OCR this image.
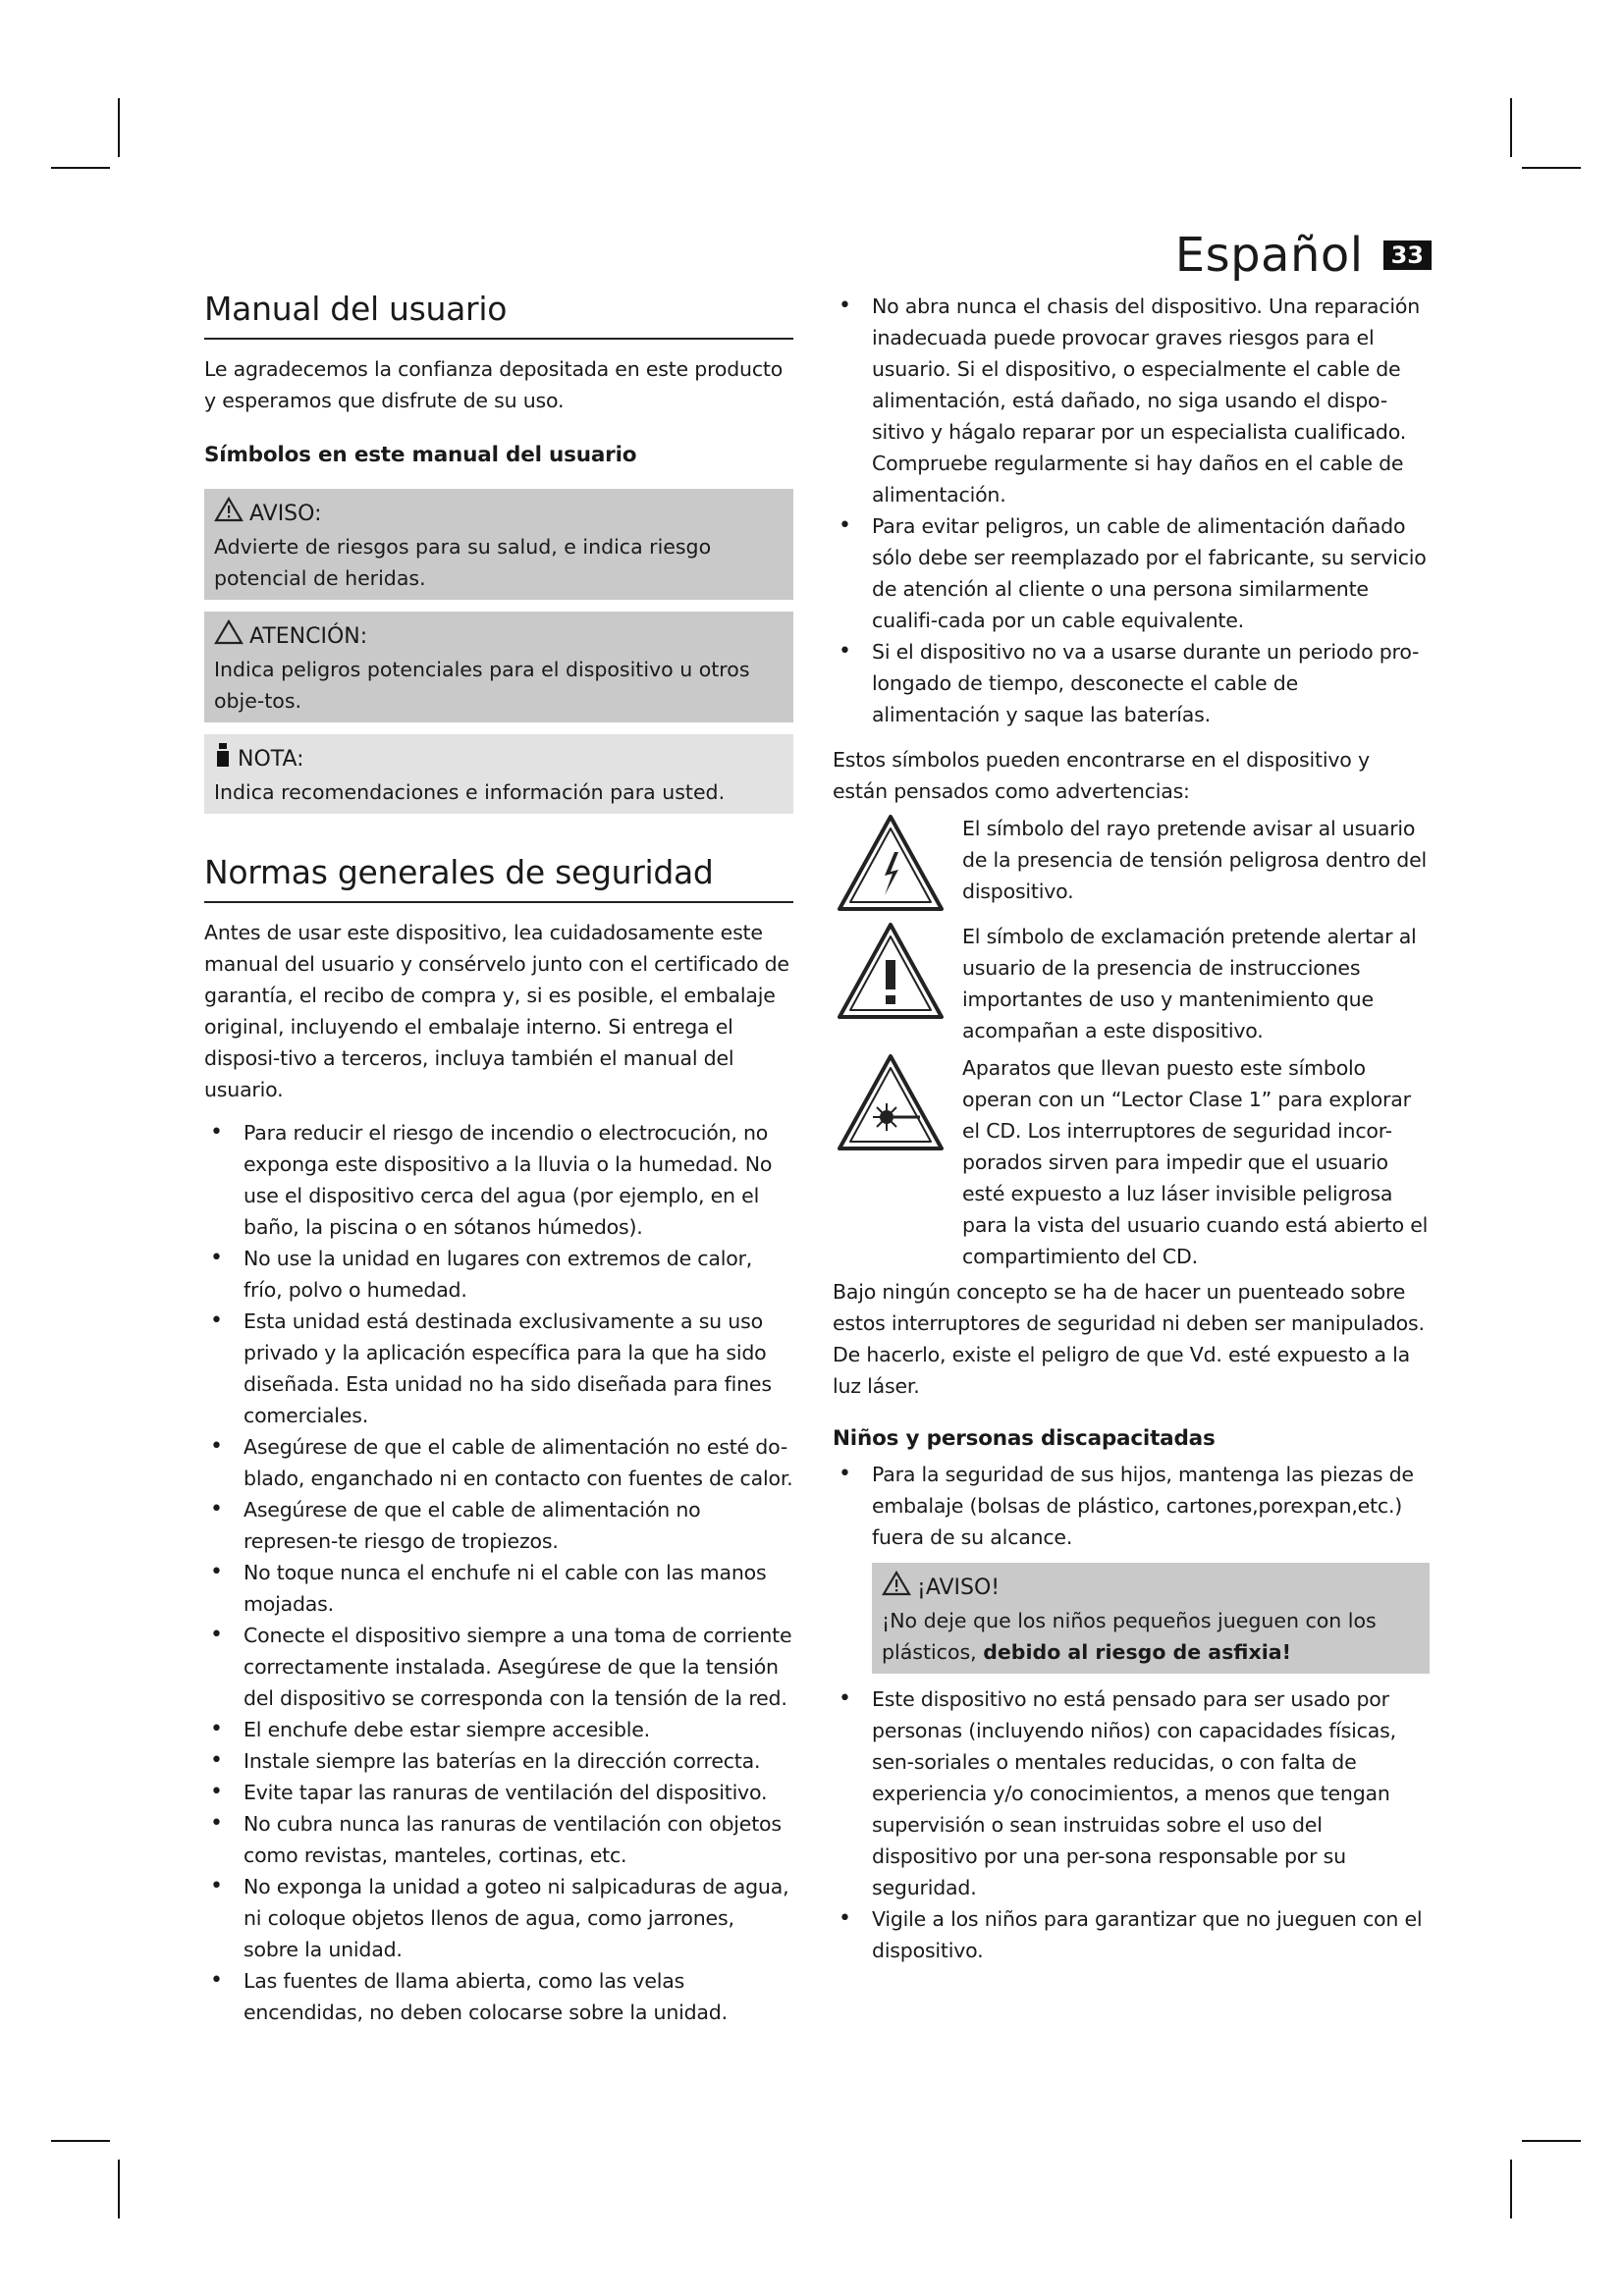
Español	33
Manual del usuario

Le agradecemos la confianza depositada en este producto y esperamos que disfrute de su uso.

Símbolos en este manual del usuario

AVISO:
Advierte de riesgos para su salud, e indica riesgo potencial de heridas.
ATENCIÓN:
Indica peligros potenciales para el dispositivo u otros obje-tos.
NOTA:
Indica recomendaciones e información para usted.
Normas generales de seguridad

Antes de usar este dispositivo, lea cuidadosamente este manual del usuario y consérvelo junto con el certificado de garantía, el recibo de compra y, si es posible, el embalaje original, incluyendo el embalaje interno. Si entrega el disposi-tivo a terceros, incluya también el manual del usuario.

• Para reducir el riesgo de incendio o electrocución, no exponga este dispositivo a la lluvia o la humedad. No use el dispositivo cerca del agua (por ejemplo, en el baño, la piscina o en sótanos húmedos).
• No use la unidad en lugares con extremos de calor, frío, polvo o humedad.
• Esta unidad está destinada exclusivamente a su uso privado y la aplicación específica para la que ha sido diseñada. Esta unidad no ha sido diseñada para fines comerciales.
• Asegúrese de que el cable de alimentación no esté do-blado, enganchado ni en contacto con fuentes de calor.
• Asegúrese de que el cable de alimentación no represen-te riesgo de tropiezos.
• No toque nunca el enchufe ni el cable con las manos mojadas.
• Conecte el dispositivo siempre a una toma de corriente correctamente instalada. Asegúrese de que la tensión del dispositivo se corresponda con la tensión de la red.
• El enchufe debe estar siempre accesible.
• Instale siempre las baterías en la dirección correcta.
• Evite tapar las ranuras de ventilación del dispositivo.
• No cubra nunca las ranuras de ventilación con objetos como revistas, manteles, cortinas, etc.
• No exponga la unidad a goteo ni salpicaduras de agua, ni coloque objetos llenos de agua, como jarrones, sobre la unidad.
• Las fuentes de llama abierta, como las velas encendidas, no deben colocarse sobre la unidad.
• No abra nunca el chasis del dispositivo. Una reparación inadecuada puede provocar graves riesgos para el usuario. Si el dispositivo, o especialmente el cable de alimentación, está dañado, no siga usando el dispo-sitivo y hágalo reparar por un especialista cualificado. Compruebe regularmente si hay daños en el cable de alimentación.
• Para evitar peligros, un cable de alimentación dañado sólo debe ser reemplazado por el fabricante, su servicio de atención al cliente o una persona similarmente cualifi-cada por un cable equivalente.
• Si el dispositivo no va a usarse durante un periodo pro-longado de tiempo, desconecte el cable de alimentación y saque las baterías.

Estos símbolos pueden encontrarse en el dispositivo y están pensados como advertencias:

El símbolo del rayo pretende avisar al usuario de la presencia de tensión peligrosa dentro del dispositivo.
El símbolo de exclamación pretende alertar al usuario de la presencia de instrucciones importantes de uso y mantenimiento que acompañan a este dispositivo.
Aparatos que llevan puesto este símbolo operan con un “Lector Clase 1” para explorar el CD. Los interruptores de seguridad incor-porados sirven para impedir que el usuario esté expuesto a luz láser invisible peligrosa para la vista del usuario cuando está abierto el compartimiento del CD.

Bajo ningún concepto se ha de hacer un puenteado sobre estos interruptores de seguridad ni deben ser manipulados. De hacerlo, existe el peligro de que Vd. esté expuesto a la luz láser.

Niños y personas discapacitadas

• Para la seguridad de sus hijos, mantenga las piezas de embalaje (bolsas de plástico, cartones,porexpan,etc.) fuera de su alcance.
¡AVISO!
¡No deje que los niños pequeños jueguen con los plásticos, debido al riesgo de asfixia!
• Este dispositivo no está pensado para ser usado por personas (incluyendo niños) con capacidades físicas, sen-soriales o mentales reducidas, o con falta de experiencia y/o conocimientos, a menos que tengan supervisión o sean instruidas sobre el uso del dispositivo por una per-sona responsable por su seguridad.
• Vigile a los niños para garantizar que no jueguen con el dispositivo.
